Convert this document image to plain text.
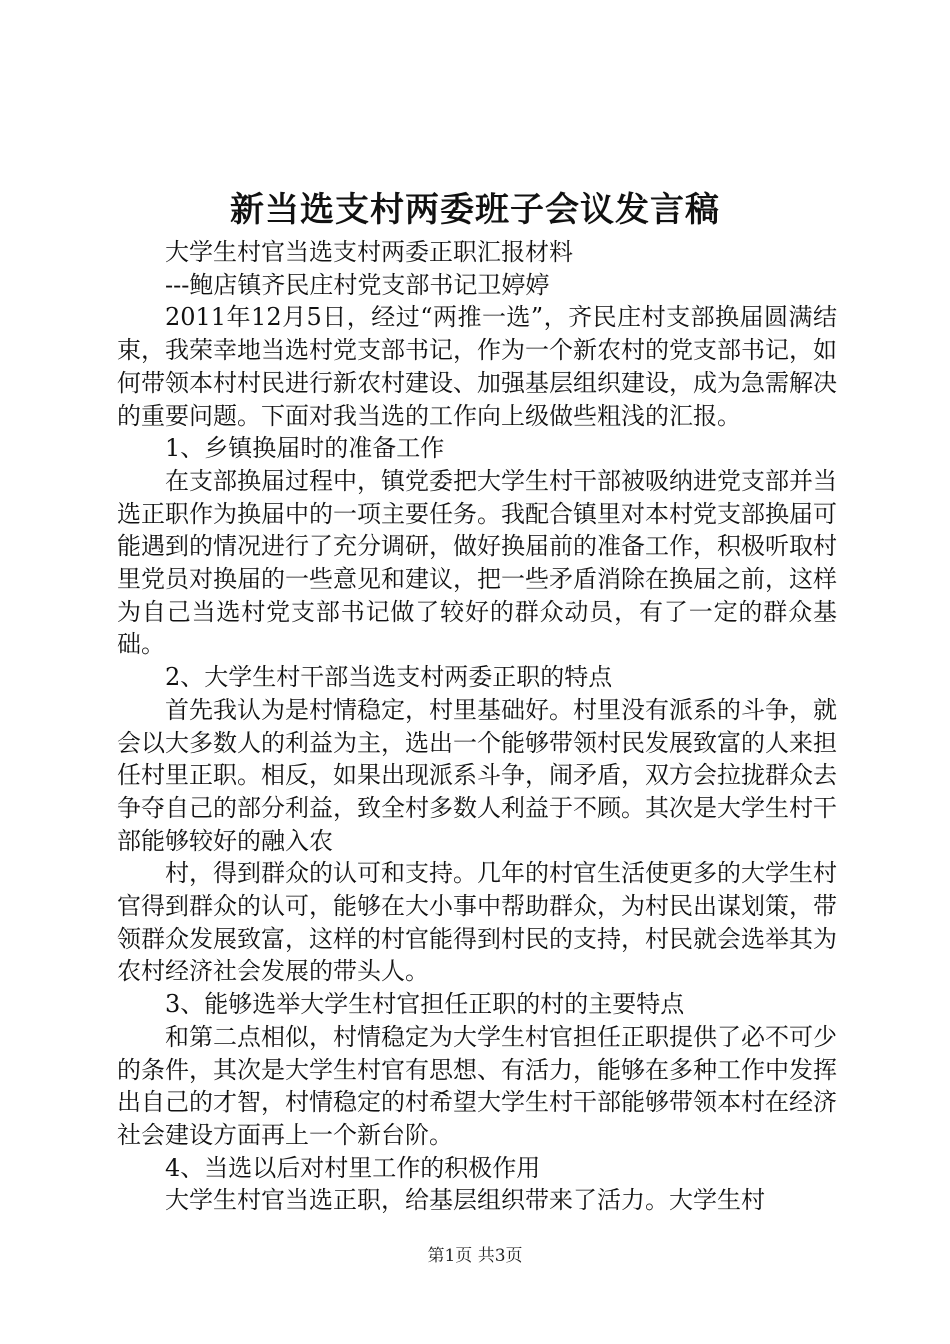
新当选支村两委班子会议发言稿

大学生村官当选支村两委正职汇报材料

---鲍店镇齐民庄村党支部书记卫婷婷

2011年12月5日，经过“两推一选”，齐民庄村支部换届圆满结束，我荣幸地当选村党支部书记，作为一个新农村的党支部书记，如何带领本村村民进行新农村建设、加强基层组织建设，成为急需解决的重要问题。下面对我当选的工作向上级做些粗浅的汇报。

1、乡镇换届时的准备工作

在支部换届过程中，镇党委把大学生村干部被吸纳进党支部并当选正职作为换届中的一项主要任务。我配合镇里对本村党支部换届可能遇到的情况进行了充分调研，做好换届前的准备工作，积极听取村里党员对换届的一些意见和建议，把一些矛盾消除在换届之前，这样为自己当选村党支部书记做了较好的群众动员，有了一定的群众基础。

2、大学生村干部当选支村两委正职的特点

首先我认为是村情稳定，村里基础好。村里没有派系的斗争，就会以大多数人的利益为主，选出一个能够带领村民发展致富的人来担任村里正职。相反，如果出现派系斗争，闹矛盾，双方会拉拢群众去争夺自己的部分利益，致全村多数人利益于不顾。其次是大学生村干部能够较好的融入农

村，得到群众的认可和支持。几年的村官生活使更多的大学生村官得到群众的认可，能够在大小事中帮助群众，为村民出谋划策，带领群众发展致富，这样的村官能得到村民的支持，村民就会选举其为农村经济社会发展的带头人。

3、能够选举大学生村官担任正职的村的主要特点

和第二点相似，村情稳定为大学生村官担任正职提供了必不可少的条件，其次是大学生村官有思想、有活力，能够在多种工作中发挥出自己的才智，村情稳定的村希望大学生村干部能够带领本村在经济社会建设方面再上一个新台阶。

4、当选以后对村里工作的积极作用

大学生村官当选正职，给基层组织带来了活力。大学生村

第1页 共3页
